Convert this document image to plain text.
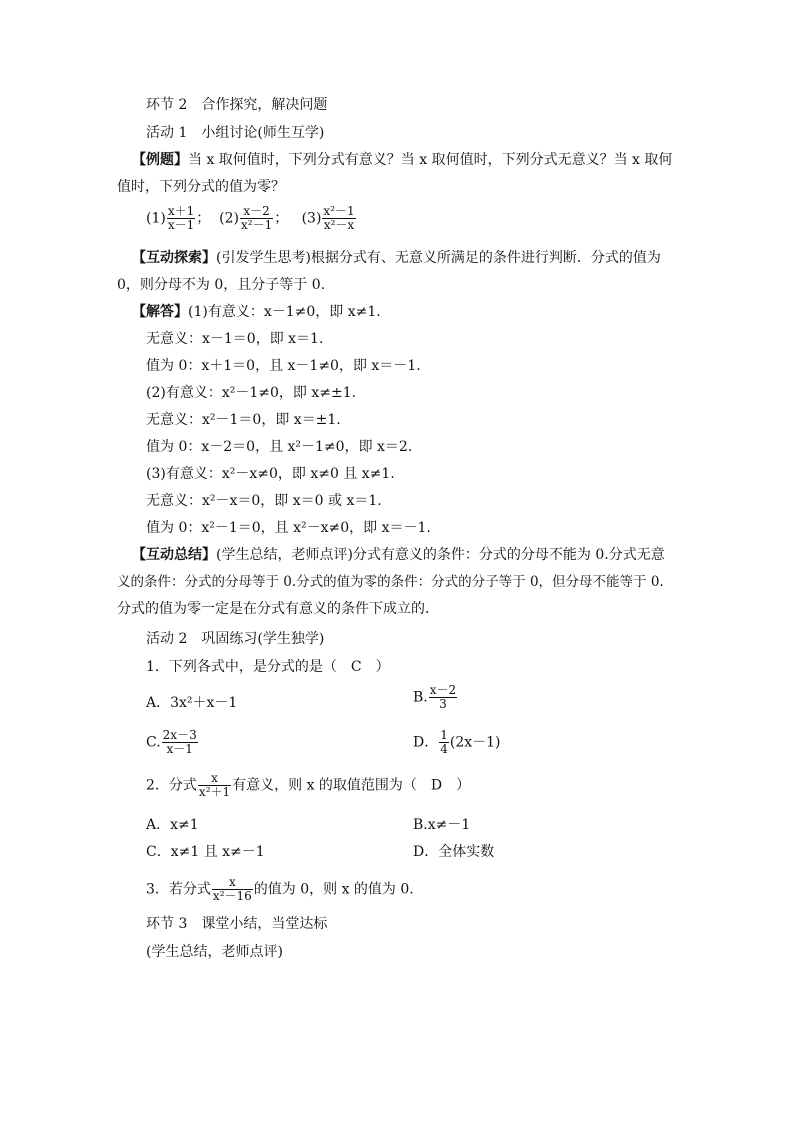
环节 2　合作探究，解决问题
活动 1　小组讨论(师生互学)
【例题】当 x 取何值时，下列分式有意义？当 x 取何值时，下列分式无意义？当 x 取何
值时，下列分式的值为零？
$(1) \frac{x+1}{x-1}$ ； $(2) \frac{x-2}{\text{x²－1}}$ ； $(3) \frac{\text{x²－1}}{\text{x²－x}}$
【互动探索】(引发学生思考)根据分式有、无意义所满足的条件进行判断．分式的值为
0，则分母不为 0，且分子等于 0.
【解答】(1)有意义：x－1≠0，即 x≠1.
无意义：x－1＝0，即 x＝1.
值为 0：x＋1＝0，且 x－1≠0，即 x＝－1.
(2)有意义：x²－1≠0，即 x≠±1.
无意义：x²－1＝0，即 x＝±1.
值为 0：x－2＝0，且 x²－1≠0，即 x＝2.
(3)有意义：x²－x≠0，即 x≠0 且 x≠1.
无意义：x²－x＝0，即 x＝0 或 x＝1.
值为 0：x²－1＝0，且 x²－x≠0，即 x＝－1.
【互动总结】(学生总结，老师点评)分式有意义的条件：分式的分母不能为 0.分式无意
义的条件：分式的分母等于 0.分式的值为零的条件：分式的分子等于 0，但分母不能等于 0.
分式的值为零一定是在分式有意义的条件下成立的．
活动 2　巩固练习(学生独学)
1．下列各式中，是分式的是（　C　）
A．3x²＋x－1	B. $\frac{x-2}{3}$
C. $\frac{2x-3}{x-1}$	D． $\frac{1}{4} (2x-1)$
2．分式 $\frac{x}{\text{x²＋1}}$ 有意义，则 x 的取值范围为（　D　）
A．x≠1	B.x≠－1
C．x≠1 且 x≠－1	D．全体实数
3．若分式 $\frac{x}{\text{x²－16}}$ 的值为 0，则 x 的值为 0.
环节 3　课堂小结，当堂达标
(学生总结，老师点评)
